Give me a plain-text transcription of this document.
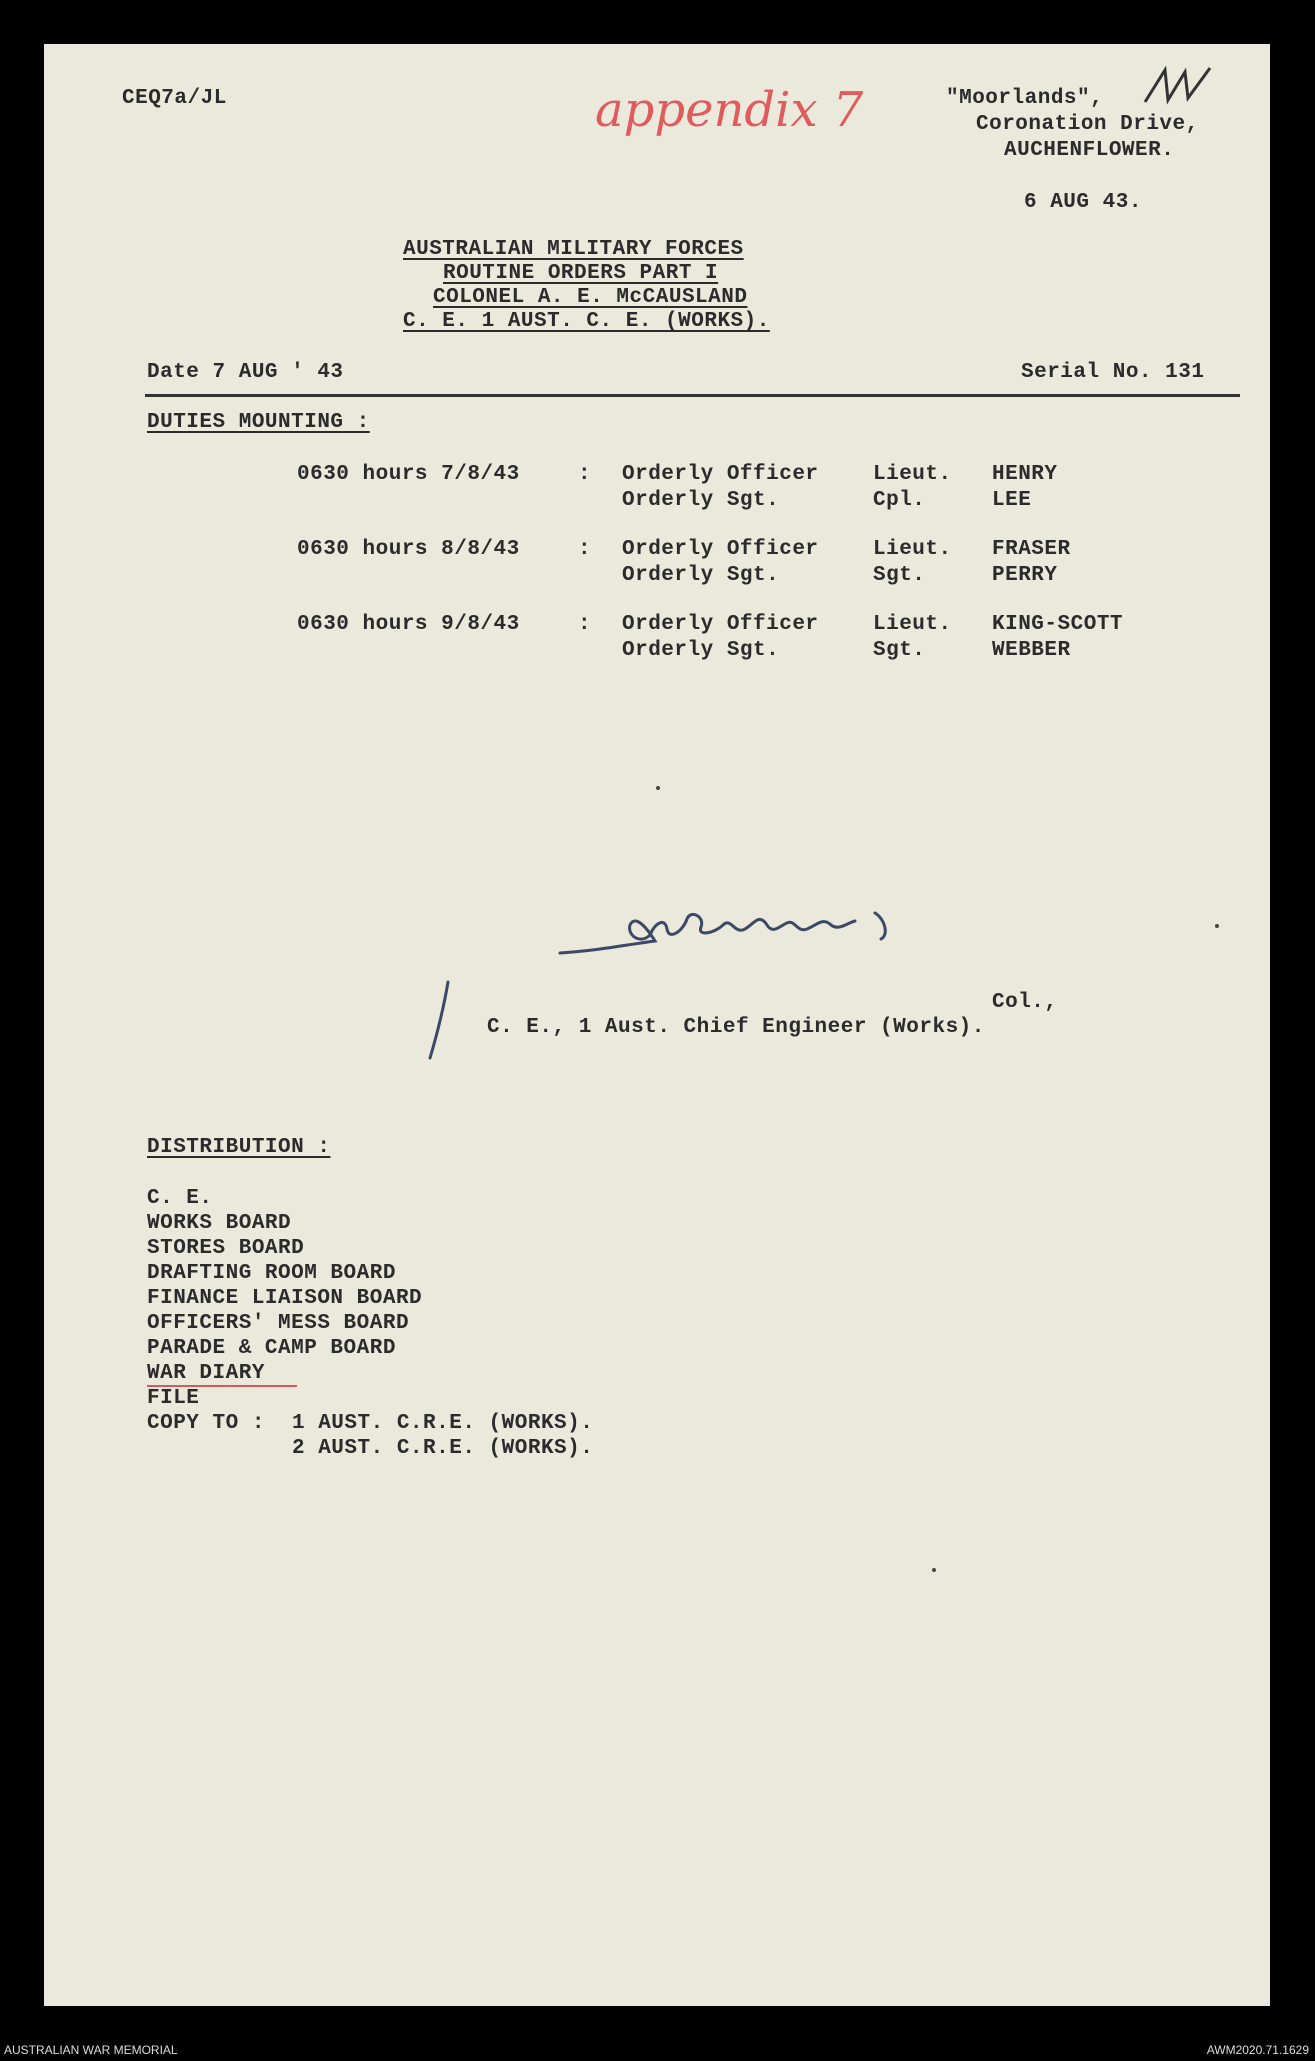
CEQ7a/JL	appendix 7	"Moorlands",
Coronation Drive,
AUCHENFLOWER.
6 AUG 43.
AUSTRALIAN MILITARY FORCES
ROUTINE ORDERS PART I
COLONEL A. E. McCAUSLAND
C. E. 1 AUST. C. E. (WORKS).
Date 7 AUG ' 43	Serial No. 131
DUTIES MOUNTING :
0630 hours 7/8/43	: Orderly Officer	Lieut. HENRY
Orderly Sgt.	Cpl.	LEE
0630 hours 8/8/43	: Orderly Officer	Lieut. FRASER
Orderly Sgt.	Sgt.	PERRY
0630 hours 9/8/43	: Orderly Officer	Lieut. KING-SCOTT
Orderly Sgt.	Sgt.	WEBBER
Col.,
C. E., 1 Aust. Chief Engineer (Works).
DISTRIBUTION :
C. E.
WORKS BOARD
STORES BOARD
DRAFTING ROOM BOARD
FINANCE LIAISON BOARD
OFFICERS' MESS BOARD
PARADE & CAMP BOARD
WAR DIARY
FILE
COPY TO : 1 AUST. C.R.E. (WORKS).
2 AUST. C.R.E. (WORKS).
AUSTRALIAN WAR MEMORIAL	AWM2020.71.1629
